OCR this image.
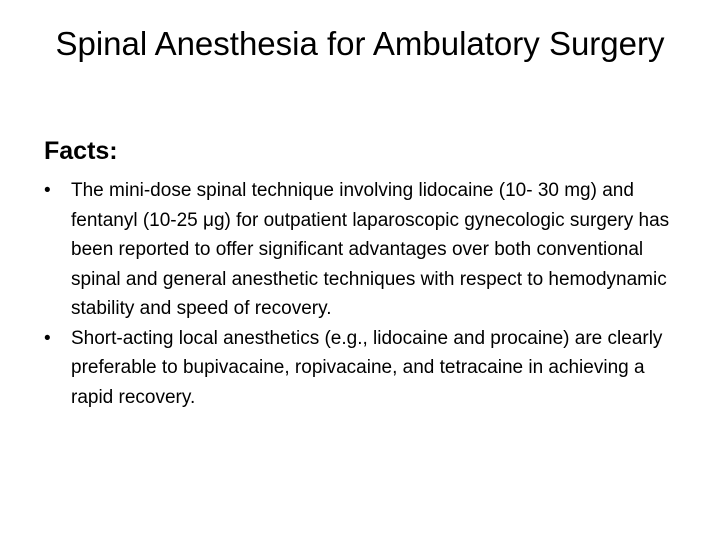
Spinal Anesthesia for Ambulatory Surgery
Facts:
•	The mini-dose spinal technique involving lidocaine (10- 30 mg) and fentanyl (10-25 μg) for outpatient laparoscopic gynecologic surgery has been reported to offer significant advantages over both conventional spinal and general anesthetic techniques with respect to hemodynamic stability and speed of recovery.
•	Short-acting local anesthetics (e.g., lidocaine and procaine) are clearly preferable to bupivacaine, ropivacaine, and tetracaine in achieving a rapid recovery.
